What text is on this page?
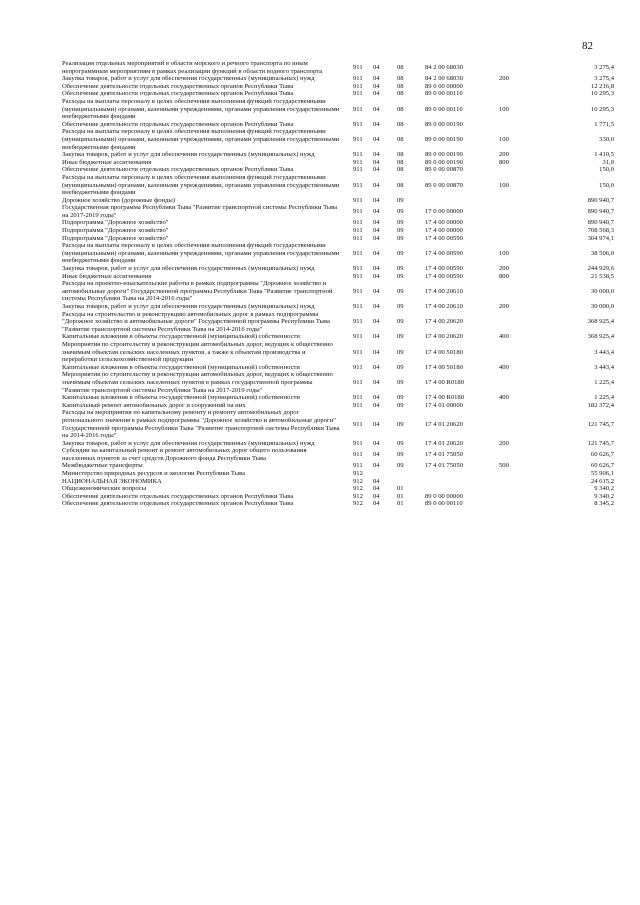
82
Реализация отдельных мероприятий в области морского и речного транспорта по иным непрограммным мероприятиям в рамках реализации функций в области водного транспорта
911	04	08	84 2 00 68030	3 275,4
Закупка товаров, работ и услуг для обеспечения государственных (муниципальных) нужд	911	04	08	84 2 00 68030	200	3 275,4
Обеспечение деятельности отдельных государственных органов Республики Тыва	911	04	08	89 0 00 00000	12 216,8
Обеспечение деятельности отдельных государственных органов Республики Тыва	911	04	08	89 0 00 00110	10 295,3
Расходы на выплаты персоналу в целях обеспечения выполнения функций государственными (муниципальными) органами, казенными учреждениями, органами управления государственными внебюджетными фондами
911	04	08	89 0 00 00110	100	10 295,3
Обеспечение деятельности отдельных государственных органов Республики Тыва	911	04	08	89 0 00 00190	1 771,5
Расходы на выплаты персоналу в целях обеспечения выполнения функций государственными (муниципальными) органами, казенными учреждениями, органами управления государственными внебюджетными фондами
911	04	08	89 0 00 00190	100	330,0
Закупка товаров, работ и услуг для обеспечения государственных (муниципальных) нужд	911	04	08	89 0 00 00190	200	1 410,5
Иные бюджетные ассигнования	911	04	08	89 0 00 00190	800	31,0
Обеспечение деятельности отдельных государственных органов Республики Тыва	911	04	08	89 0 00 00870	150,0
Расходы на выплаты персоналу в целях обеспечения выполнения функций государственными (муниципальными) органами, казенными учреждениями, органами управления государственными внебюджетными фондами
911	04	08	89 0 00 00870	100	150,0
Дорожное хозяйство (дорожные фонды)	911	04	09	890 940,7
Государственная программа Республики Тыва "Развитие транспортной системы Республики Тыва на 2017-2019 годы"
911	04	09	17 0 00 00000	890 940,7
Подпрограмма "Дорожное хозяйство"	911	04	09	17 4 00 00000	890 940,7
Подпрограмма "Дорожное хозяйство"	911	04	09	17 4 00 00000	708 568,3
Подпрограмма "Дорожное хозяйство"	911	04	09	17 4 00 00590	304 974,1
Расходы на выплаты персоналу в целях обеспечения выполнения функций государственными (муниципальными) органами, казенными учреждениями, органами управления государственными внебюджетными фондами
911	04	09	17 4 00 00590	100	38 506,0
Закупка товаров, работ и услуг для обеспечения государственных (муниципальных) нужд	911	04	09	17 4 00 00590	200	244 929,6
Иные бюджетные ассигнования	911	04	09	17 4 00 00590	800	21 538,5
Расходы на проектно-изыскательские работы в рамках подпрограммы "Дорожное хозяйство и автомобильные дороги" Государственной программы Республики Тыва "Развитие транспортной системы Республики Тыва на 2014-2016 годы"
911	04	09	17 4 00 20610	30 000,0
Закупка товаров, работ и услуг для обеспечения государственных (муниципальных) нужд	911	04	09	17 4 00 20610	200	30 000,0
Расходы на строительство и реконструкцию автомобильных дорог в рамках подпрограммы "Дорожное хозяйство и автомобильные дороги" Государственной программы Республики Тыва "Развитие транспортной системы Республики Тыва на 2014-2016 годы"
911	04	09	17 4 00 20620	368 925,4
Капитальные вложения в объекты государственной (муниципальной) собственности	911	04	09	17 4 00 20620	400	368 925,4
Мероприятия по строительству и реконструкции автомобильных дорог, ведущих к общественно значимым объектам сельских населенных пунктов, а также к объектам производства и переработки сельскохозяйственной продукции
911	04	09	17 4 00 50180	3 443,4
Капитальные вложения в объекты государственной (муниципальной) собственности	911	04	09	17 4 00 50180	400	3 443,4
Мероприятия по строительству и реконструкции автомобильных дорог, ведущих к общественно значимым объектам сельских населенных пунктов в рамках государственной программы "Развитие транспортной системы Республики Тыва на 2017-2019 годы"
911	04	09	17 4 00 R0180	1 225,4
Капитальные вложения в объекты государственной (муниципальной) собственности	911	04	09	17 4 00 R0180	400	1 225,4
Капитальный ремонт автомобильных дорог и сооружений на них	911	04	09	17 4 01 00000	182 372,4
Расходы на мероприятия по капитальному ремонту и ремонту автомобильных дорог регионального значения в рамках подпрограммы "Дорожное хозяйство и автомобильные дороги" Государственной программы Республики Тыва "Развитие транспортной системы Республики Тыва на 2014-2016 годы"
911	04	09	17 4 01 20620	121 745,7
Закупка товаров, работ и услуг для обеспечения государственных (муниципальных) нужд	911	04	09	17 4 01 20620	200	121 745,7
Субсидии на капитальный ремонт и ремонт автомобильных дорог общего пользования населенных пунктов за счет средств Дорожного фонда Республики Тыва
911	04	09	17 4 01 75050	60 626,7
Межбюджетные трансферты	911	04	09	17 4 01 75050	500	60 626,7
Министерство природных ресурсов и экологии Республики Тыва	912	55 906,1
НАЦИОНАЛЬНАЯ ЭКОНОМИКА	912	04	24 615,2
Общеэкономические вопросы	912	04	01	9 340,2
Обеспечение деятельности отдельных государственных органов Республики Тыва	912	04	01	89 0 00 00000	9 340,2
Обеспечение деятельности отдельных государственных органов Республики Тыва	912	04	01	89 0 00 00110	8 345,2
